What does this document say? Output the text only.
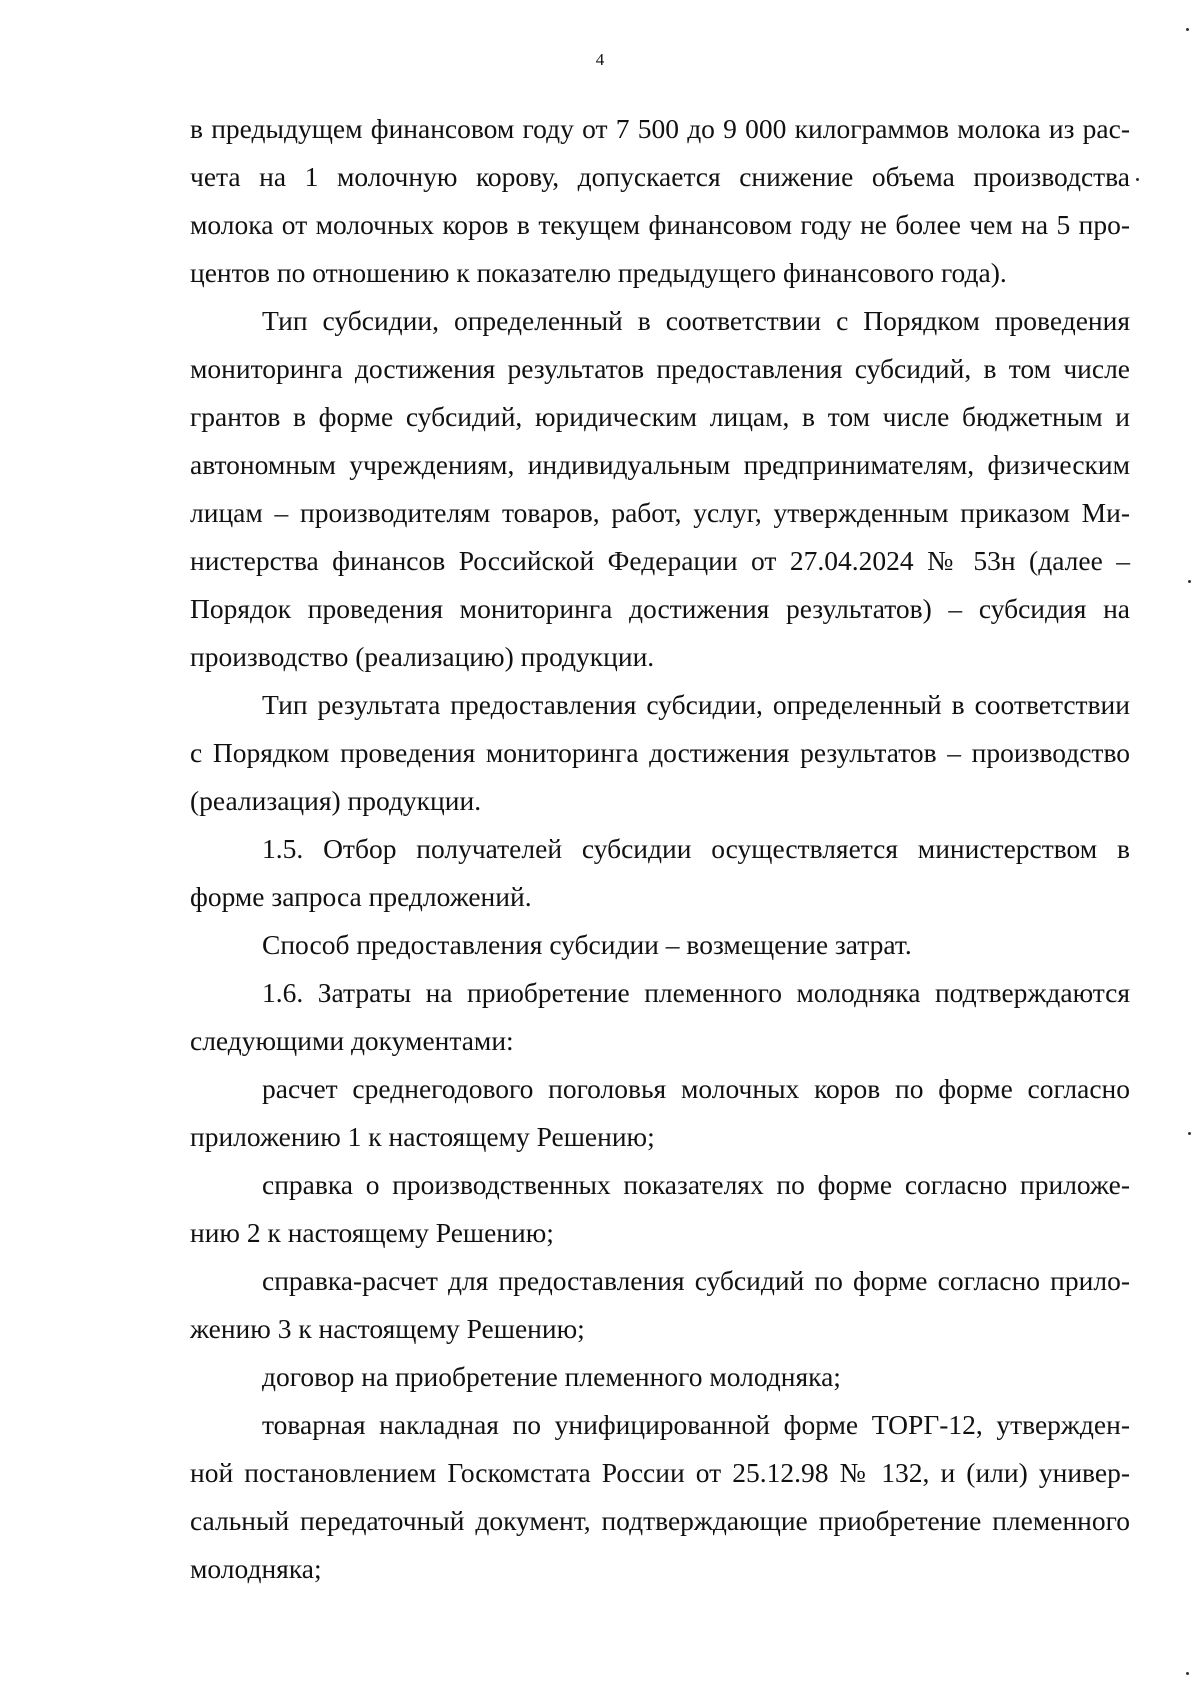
4
в предыдущем финансовом году от 7 500 до 9 000 килограммов молока из рас-
чета на 1 молочную корову, допускается снижение объема производства
молока от молочных коров в текущем финансовом году не более чем на 5 про-
центов по отношению к показателю предыдущего финансового года).
Тип субсидии, определенный в соответствии с Порядком проведения
мониторинга достижения результатов предоставления субсидий, в том числе
грантов в форме субсидий, юридическим лицам, в том числе бюджетным и
автономным учреждениям, индивидуальным предпринимателям, физическим
лицам – производителям товаров, работ, услуг, утвержденным приказом Ми-
нистерства финансов Российской Федерации от 27.04.2024 № 53н (далее –
Порядок проведения мониторинга достижения результатов) – субсидия на
производство (реализацию) продукции.
Тип результата предоставления субсидии, определенный в соответствии
с Порядком проведения мониторинга достижения результатов – производство
(реализация) продукции.
1.5. Отбор получателей субсидии осуществляется министерством в
форме запроса предложений.
Способ предоставления субсидии – возмещение затрат.
1.6. Затраты на приобретение племенного молодняка подтверждаются
следующими документами:
расчет среднегодового поголовья молочных коров по форме согласно
приложению 1 к настоящему Решению;
справка о производственных показателях по форме согласно приложе-
нию 2 к настоящему Решению;
справка-расчет для предоставления субсидий по форме согласно прило-
жению 3 к настоящему Решению;
договор на приобретение племенного молодняка;
товарная накладная по унифицированной форме ТОРГ-12, утвержден-
ной постановлением Госкомстата России от 25.12.98 № 132, и (или) универ-
сальный передаточный документ, подтверждающие приобретение племенного
молодняка;
